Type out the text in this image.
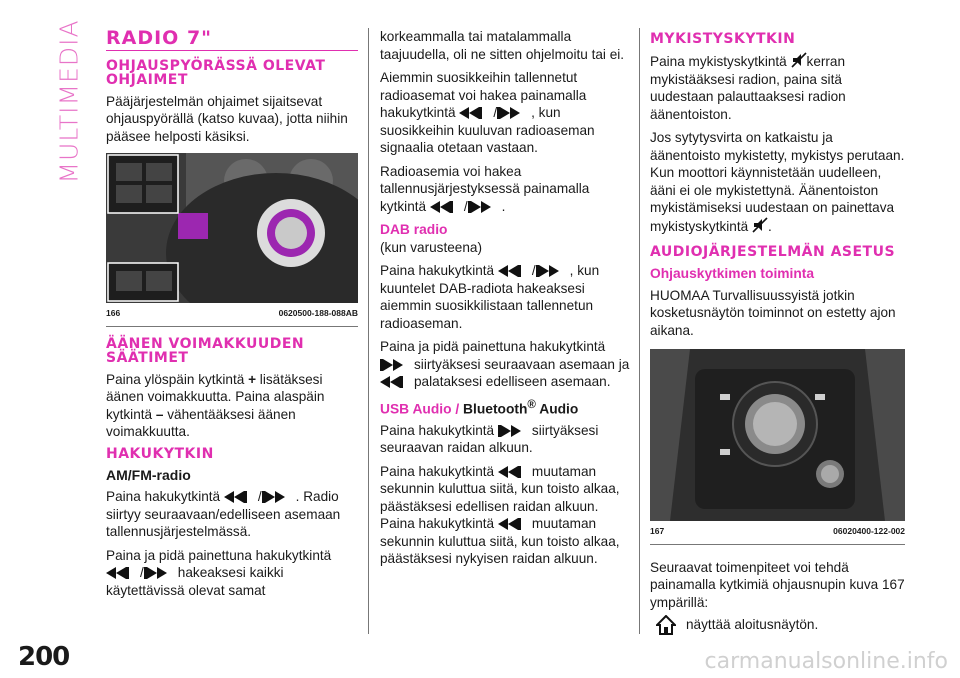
MULTIMEDIA
200	carmanualsonline.info
RADIO 7"
OHJAUSPYÖRÄSSÄ OLEVAT OHJAIMET

Pääjärjestelmän ohjaimet sijaitsevat ohjauspyörällä (katso kuvaa), jotta niihin pääsee helposti käsiksi.

166	0620500-188-088AB
ÄÄNEN VOIMAKKUUDEN SÄÄTIMET

Paina ylöspäin kytkintä + lisätäksesi äänen voimakkuutta. Paina alaspäin kytkintä – vähentääksesi äänen voimakkuutta.

HAKUKYTKIN
AM/FM-radio

Paina hakukytkintä	/	. Radio siirtyy seuraavaan/edelliseen asemaan tallennusjärjestelmässä.

Paina ja pidä painettuna hakukytkintä
/	hakeaksesi kaikki käytettävissä olevat samat

korkeammalla tai matalammalla taajuudella, oli ne sitten ohjelmoitu tai ei.

Aiemmin suosikkeihin tallennetut radioasemat voi hakea painamalla hakukytkintä	/	, kun suosikkeihin kuuluvan radioaseman signaalia otetaan vastaan.

Radioasemia voi hakea tallennusjärjestyksessä painamalla kytkintä	/	.

DAB radio

(kun varusteena)

Paina hakukytkintä	/	, kun kuuntelet DAB-radiota hakeaksesi aiemmin suosikkilistaan tallennetun radioaseman.

Paina ja pidä painettuna hakukytkintä
siirtyäksesi seuraavaan asemaan ja
palataksesi edelliseen asemaan.

USB Audio / Bluetooth® Audio

Paina hakukytkintä	siirtyäksesi seuraavan raidan alkuun.

Paina hakukytkintä	muutaman sekunnin kuluttua siitä, kun toisto alkaa, päästäksesi edellisen raidan alkuun.
Paina hakukytkintä	muutaman sekunnin kuluttua siitä, kun toisto alkaa, päästäksesi nykyisen raidan alkuun.

MYKISTYSKYTKIN

Paina mykistyskytkintä kerran mykistääksesi radion, paina sitä uudestaan palauttaaksesi radion äänentoiston.

Jos sytytysvirta on katkaistu ja äänentoisto mykistetty, mykistys perutaan. Kun moottori käynnistetään uudelleen, ääni ei ole mykistettynä. Äänentoiston mykistämiseksi uudestaan on painettava mykistyskytkintä .

AUDIOJÄRJESTELMÄN ASETUS
Ohjauskytkimen toiminta

HUOMAA Turvallisuussyistä jotkin kosketusnäytön toiminnot on estetty ajon aikana.

167	06020400-122-002

Seuraavat toimenpiteet voi tehdä painamalla kytkimiä ohjausnupin kuva 167 ympärillä:

näyttää aloitusnäytön.
